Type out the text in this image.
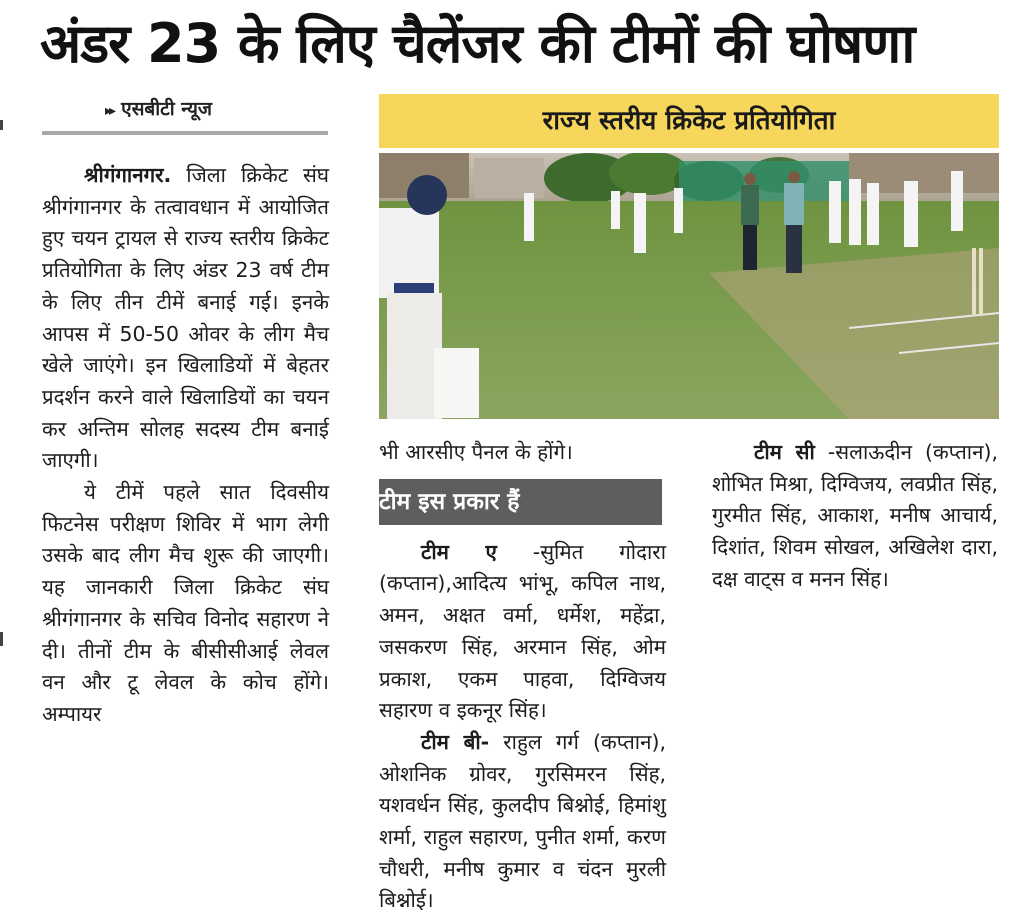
अंडर 23 के लिए चैलेंजर की टीमों की घोषणा
▸▸ एसबीटी न्यूज

श्रीगंगानगर. जिला क्रिकेट संघ श्रीगंगानगर के तत्वावधान में आयोजित हुए चयन ट्रायल से राज्य स्तरीय क्रिकेट प्रतियोगिता के लिए अंडर 23 वर्ष टीम के लिए तीन टीमें बनाई गई। इनके आपस में 50-50 ओवर के लीग मैच खेले जाएंगे। इन खिलाडियों में बेहतर प्रदर्शन करने वाले खिलाडियों का चयन कर अन्तिम सोलह सदस्य टीम बनाई जाएगी।

ये टीमें पहले सात दिवसीय फिटनेस परीक्षण शिविर में भाग लेगी उसके बाद लीग मैच शुरू की जाएगी। यह जानकारी जिला क्रिकेट संघ श्रीगंगानगर के सचिव विनोद सहारण ने दी। तीनों टीम के बीसीसीआई लेवल वन और टू लेवल के कोच होंगे। अम्पायर

राज्य स्तरीय क्रिकेट प्रतियोगिता

भी आरसीए पैनल के होंगे।

टीम इस प्रकार हैं

टीम ए -सुमित गोदारा (कप्तान),आदित्य भांभू, कपिल नाथ, अमन, अक्षत वर्मा, धर्मेश, महेंद्रा, जसकरण सिंह, अरमान सिंह, ओम प्रकाश, एकम पाहवा, दिग्विजय सहारण व इकनूर सिंह।

टीम बी- राहुल गर्ग (कप्तान), ओशनिक ग्रोवर, गुरसिमरन सिंह, यशवर्धन सिंह, कुलदीप बिश्नोई, हिमांशु शर्मा, राहुल सहारण, पुनीत शर्मा, करण चौधरी, मनीष कुमार व चंदन मुरली बिश्नोई।

टीम सी -सलाऊदीन (कप्तान), शोभित मिश्रा, दिग्विजय, लवप्रीत सिंह, गुरमीत सिंह, आकाश, मनीष आचार्य, दिशांत, शिवम सोखल, अखिलेश दारा, दक्ष वाट्स व मनन सिंह।
